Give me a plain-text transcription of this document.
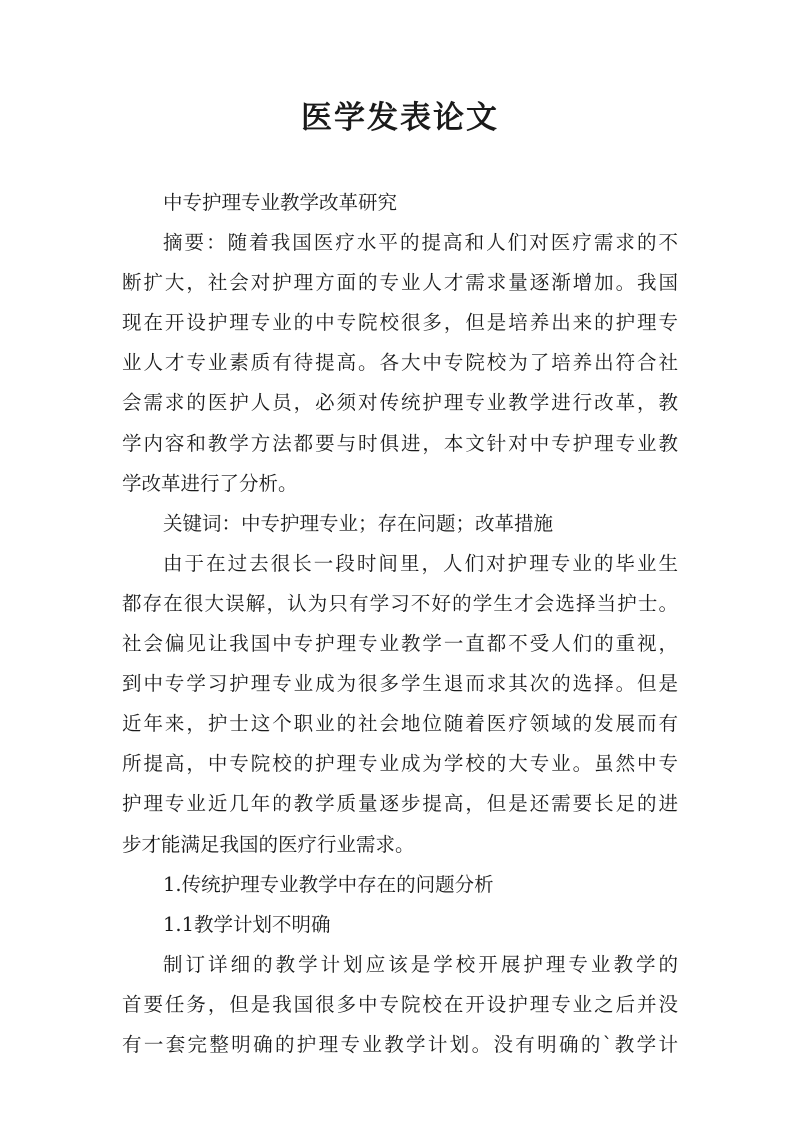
医学发表论文
中专护理专业教学改革研究
摘要：随着我国医疗水平的提高和人们对医疗需求的不
断扩大，社会对护理方面的专业人才需求量逐渐增加。我国
现在开设护理专业的中专院校很多，但是培养出来的护理专
业人才专业素质有待提高。各大中专院校为了培养出符合社
会需求的医护人员，必须对传统护理专业教学进行改革，教
学内容和教学方法都要与时俱进，本文针对中专护理专业教
学改革进行了分析。
关键词：中专护理专业；存在问题；改革措施
由于在过去很长一段时间里，人们对护理专业的毕业生
都存在很大误解，认为只有学习不好的学生才会选择当护士。
社会偏见让我国中专护理专业教学一直都不受人们的重视，
到中专学习护理专业成为很多学生退而求其次的选择。但是
近年来，护士这个职业的社会地位随着医疗领域的发展而有
所提高，中专院校的护理专业成为学校的大专业。虽然中专
护理专业近几年的教学质量逐步提高，但是还需要长足的进
步才能满足我国的医疗行业需求。
1.传统护理专业教学中存在的问题分析
1.1教学计划不明确
制订详细的教学计划应该是学校开展护理专业教学的
首要任务，但是我国很多中专院校在开设护理专业之后并没
有一套完整明确的护理专业教学计划。没有明确的`教学计
